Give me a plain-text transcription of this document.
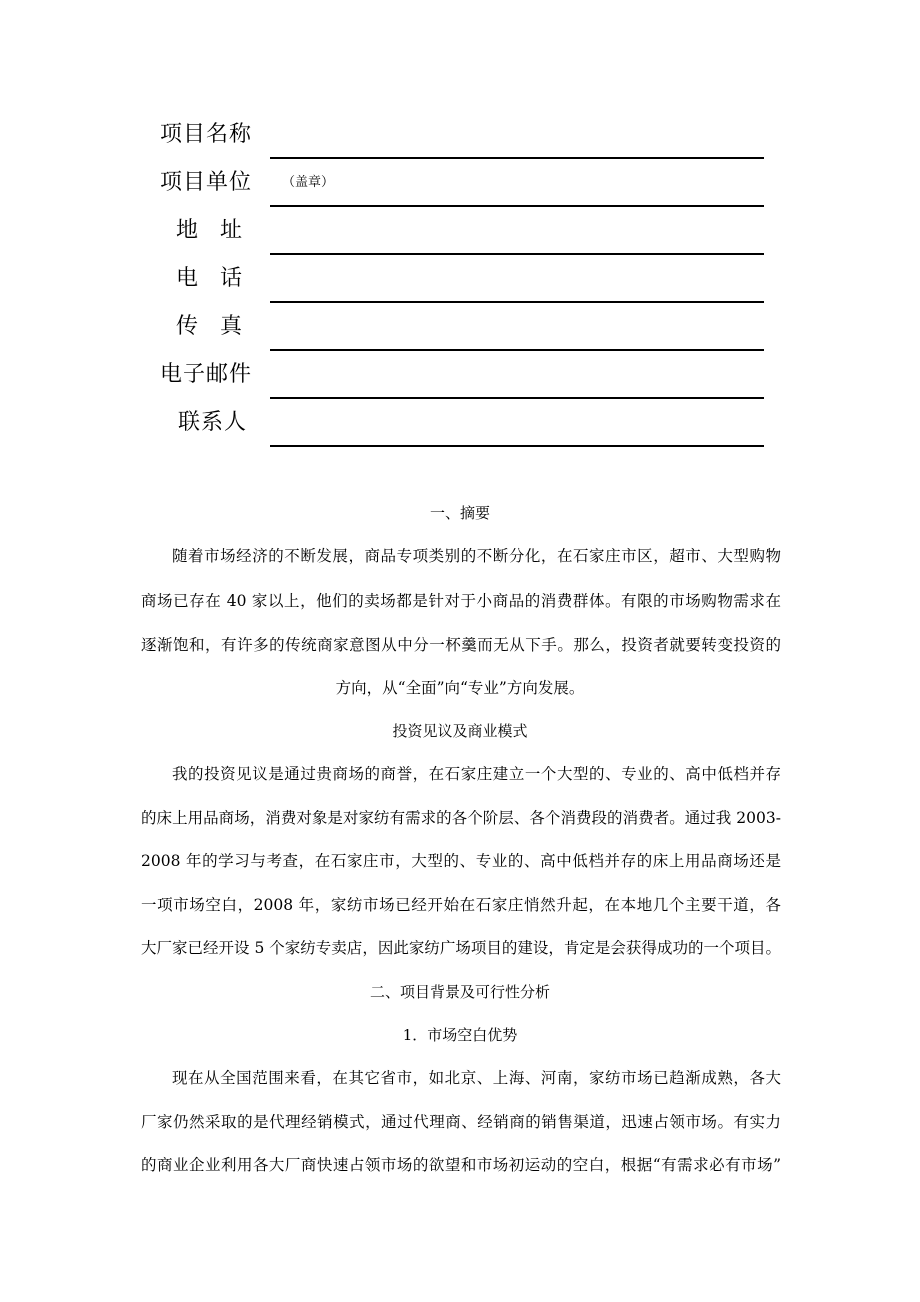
项目名称
项目单位	（盖章）
地　址
电　话
传　真
电子邮件
联系人
一、摘要
随着市场经济的不断发展，商品专项类别的不断分化，在石家庄市区，超市、大型购物
商场已存在 40 家以上，他们的卖场都是针对于小商品的消费群体。有限的市场购物需求在
逐渐饱和，有许多的传统商家意图从中分一杯羹而无从下手。那么，投资者就要转变投资的
方向，从“全面”向“专业”方向发展。
投资见议及商业模式
我的投资见议是通过贵商场的商誉，在石家庄建立一个大型的、专业的、高中低档并存
的床上用品商场，消费对象是对家纺有需求的各个阶层、各个消费段的消费者。通过我 2003-
2008 年的学习与考查，在石家庄市，大型的、专业的、高中低档并存的床上用品商场还是
一项市场空白，2008 年，家纺市场已经开始在石家庄悄然升起，在本地几个主要干道，各
大厂家已经开设 5 个家纺专卖店，因此家纺广场项目的建设，肯定是会获得成功的一个项目。
二、项目背景及可行性分析
1．市场空白优势
现在从全国范围来看，在其它省市，如北京、上海、河南，家纺市场已趋渐成熟，各大
厂家仍然采取的是代理经销模式，通过代理商、经销商的销售渠道，迅速占领市场。有实力
的商业企业利用各大厂商快速占领市场的欲望和市场初运动的空白，根据“有需求必有市场”
